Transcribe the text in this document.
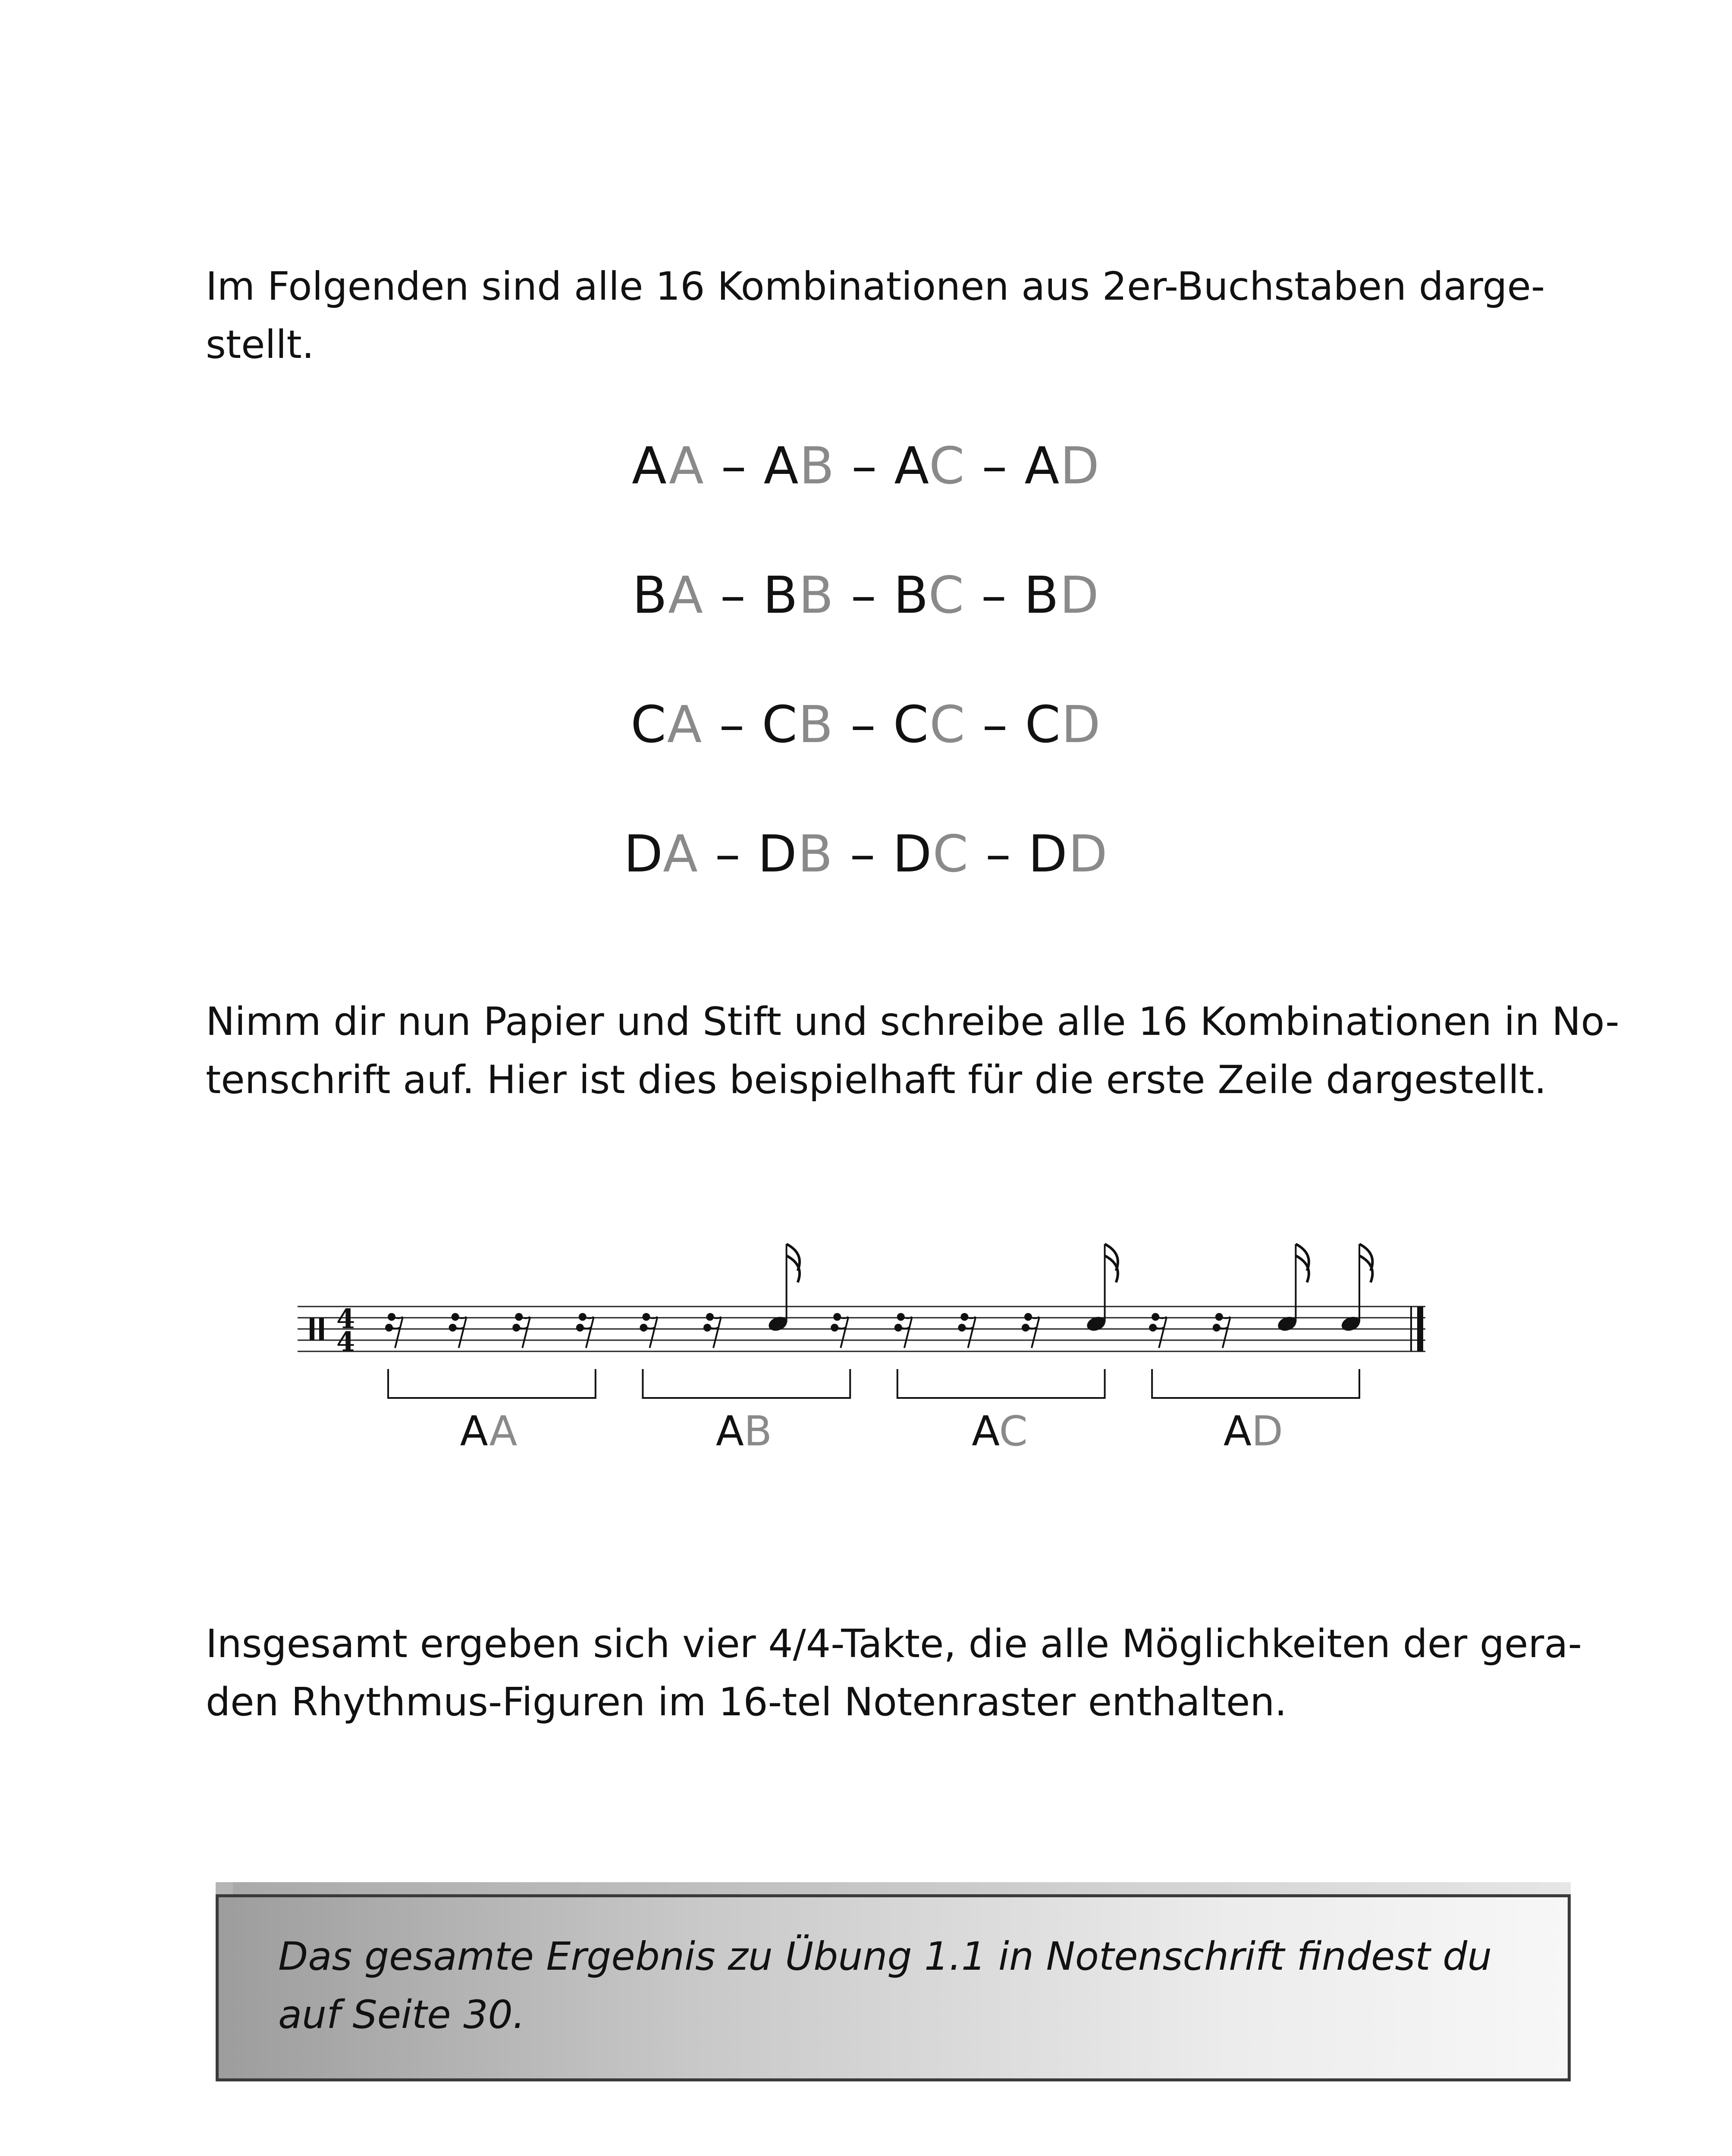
Im Folgenden sind alle 16 Kombinationen aus 2er-Buchstaben darge-
stellt.
AA – AB – AC – AD
BA – BB – BC – BD
CA – CB – CC – CD
DA – DB – DC – DD
Nimm dir nun Papier und Stift und schreibe alle 16 Kombinationen in No-
tenschrift auf. Hier ist dies beispielhaft für die erste Zeile dargestellt.
4
4
AA	AB	AC	AD
Insgesamt ergeben sich vier 4/4-Takte, die alle Möglichkeiten der gera-
den Rhythmus-Figuren im 16-tel Notenraster enthalten.
Das gesamte Ergebnis zu Übung 1.1 in Notenschrift findest du
auf Seite 30.
